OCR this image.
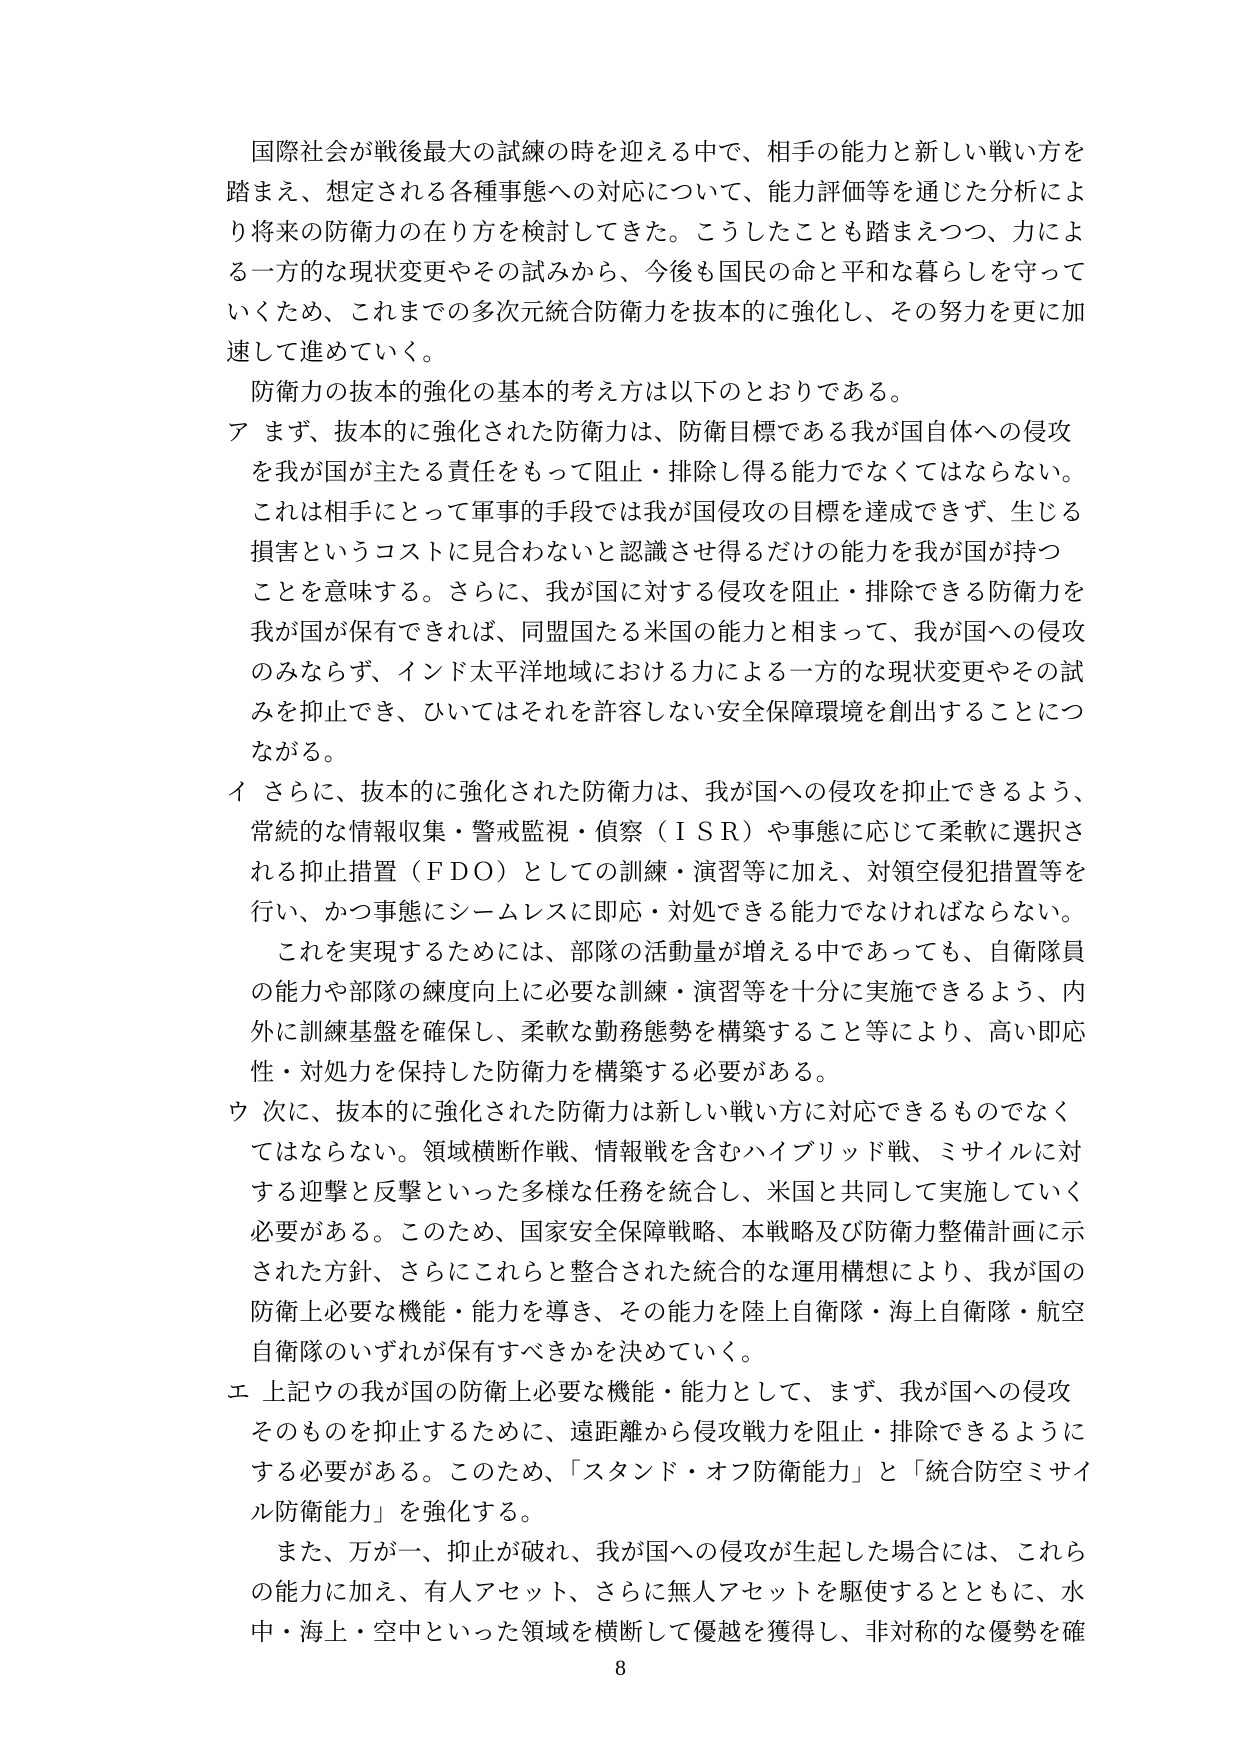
　国際社会が戦後最大の試練の時を迎える中で、相手の能力と新しい戦い方を
踏まえ、想定される各種事態への対応について、能力評価等を通じた分析によ
り将来の防衛力の在り方を検討してきた。こうしたことも踏まえつつ、力によ
る一方的な現状変更やその試みから、今後も国民の命と平和な暮らしを守って
いくため、これまでの多次元統合防衛力を抜本的に強化し、その努力を更に加
速して進めていく。
　防衛力の抜本的強化の基本的考え方は以下のとおりである。
ア まず、抜本的に強化された防衛力は、防衛目標である我が国自体への侵攻
を我が国が主たる責任をもって阻止・排除し得る能力でなくてはならない。
これは相手にとって軍事的手段では我が国侵攻の目標を達成できず、生じる
損害というコストに見合わないと認識させ得るだけの能力を我が国が持つ
ことを意味する。さらに、我が国に対する侵攻を阻止・排除できる防衛力を
我が国が保有できれば、同盟国たる米国の能力と相まって、我が国への侵攻
のみならず、インド太平洋地域における力による一方的な現状変更やその試
みを抑止でき、ひいてはそれを許容しない安全保障環境を創出することにつ
ながる。
イ さらに、抜本的に強化された防衛力は、我が国への侵攻を抑止できるよう、
常続的な情報収集・警戒監視・偵察（ＩＳＲ）や事態に応じて柔軟に選択さ
れる抑止措置（ＦＤＯ）としての訓練・演習等に加え、対領空侵犯措置等を
行い、かつ事態にシームレスに即応・対処できる能力でなければならない。
　これを実現するためには、部隊の活動量が増える中であっても、自衛隊員
の能力や部隊の練度向上に必要な訓練・演習等を十分に実施できるよう、内
外に訓練基盤を確保し、柔軟な勤務態勢を構築すること等により、高い即応
性・対処力を保持した防衛力を構築する必要がある。
ウ 次に、抜本的に強化された防衛力は新しい戦い方に対応できるものでなく
てはならない。領域横断作戦、情報戦を含むハイブリッド戦、ミサイルに対
する迎撃と反撃といった多様な任務を統合し、米国と共同して実施していく
必要がある。このため、国家安全保障戦略、本戦略及び防衛力整備計画に示
された方針、さらにこれらと整合された統合的な運用構想により、我が国の
防衛上必要な機能・能力を導き、その能力を陸上自衛隊・海上自衛隊・航空
自衛隊のいずれが保有すべきかを決めていく。
エ 上記ウの我が国の防衛上必要な機能・能力として、まず、我が国への侵攻
そのものを抑止するために、遠距離から侵攻戦力を阻止・排除できるように
する必要がある。このため、「スタンド・オフ防衛能力」と「統合防空ミサイ
ル防衛能力」を強化する。
　また、万が一、抑止が破れ、我が国への侵攻が生起した場合には、これら
の能力に加え、有人アセット、さらに無人アセットを駆使するとともに、水
中・海上・空中といった領域を横断して優越を獲得し、非対称的な優勢を確
8
